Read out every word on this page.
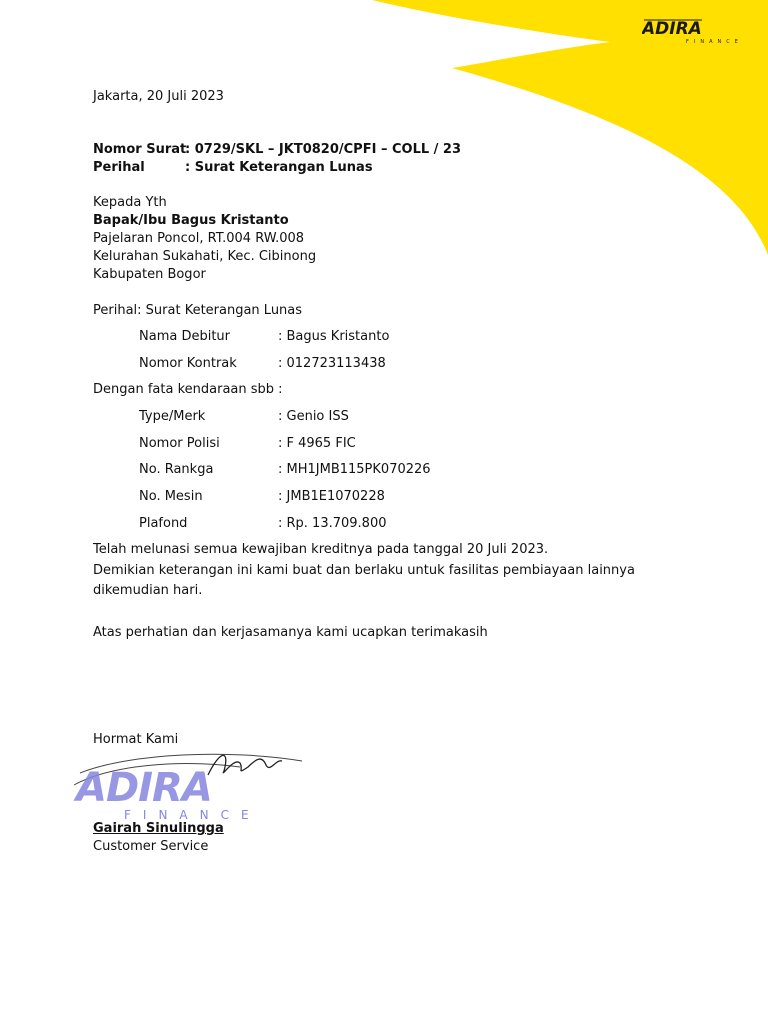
ADIRA
FINANCE
Jakarta, 20 Juli 2023
Nomor Surat
: 0729/SKL – JKT0820/CPFI – COLL / 23
Perihal	: Surat Keterangan Lunas
Kepada Yth
Bapak/Ibu Bagus Kristanto
Pajelaran Poncol, RT.004 RW.008
Kelurahan Sukahati, Kec. Cibinong
Kabupaten Bogor
Perihal: Surat Keterangan Lunas
Nama Debitur	: Bagus Kristanto
Nomor Kontrak	: 012723113438
Dengan fata kendaraan sbb :
Type/Merk	: Genio ISS
Nomor Polisi	: F 4965 FIC
No. Rankga	: MH1JMB115PK070226
No. Mesin	: JMB1E1070228
Plafond	: Rp. 13.709.800
Telah melunasi semua kewajiban kreditnya pada tanggal 20 Juli 2023.
Demikian keterangan ini kami buat dan berlaku untuk fasilitas pembiayaan lainnya
dikemudian hari.
Atas perhatian dan kerjasamanya kami ucapkan terimakasih
Hormat Kami
ADIRA
FINANCE
Gairah Sinulingga
Customer Service
